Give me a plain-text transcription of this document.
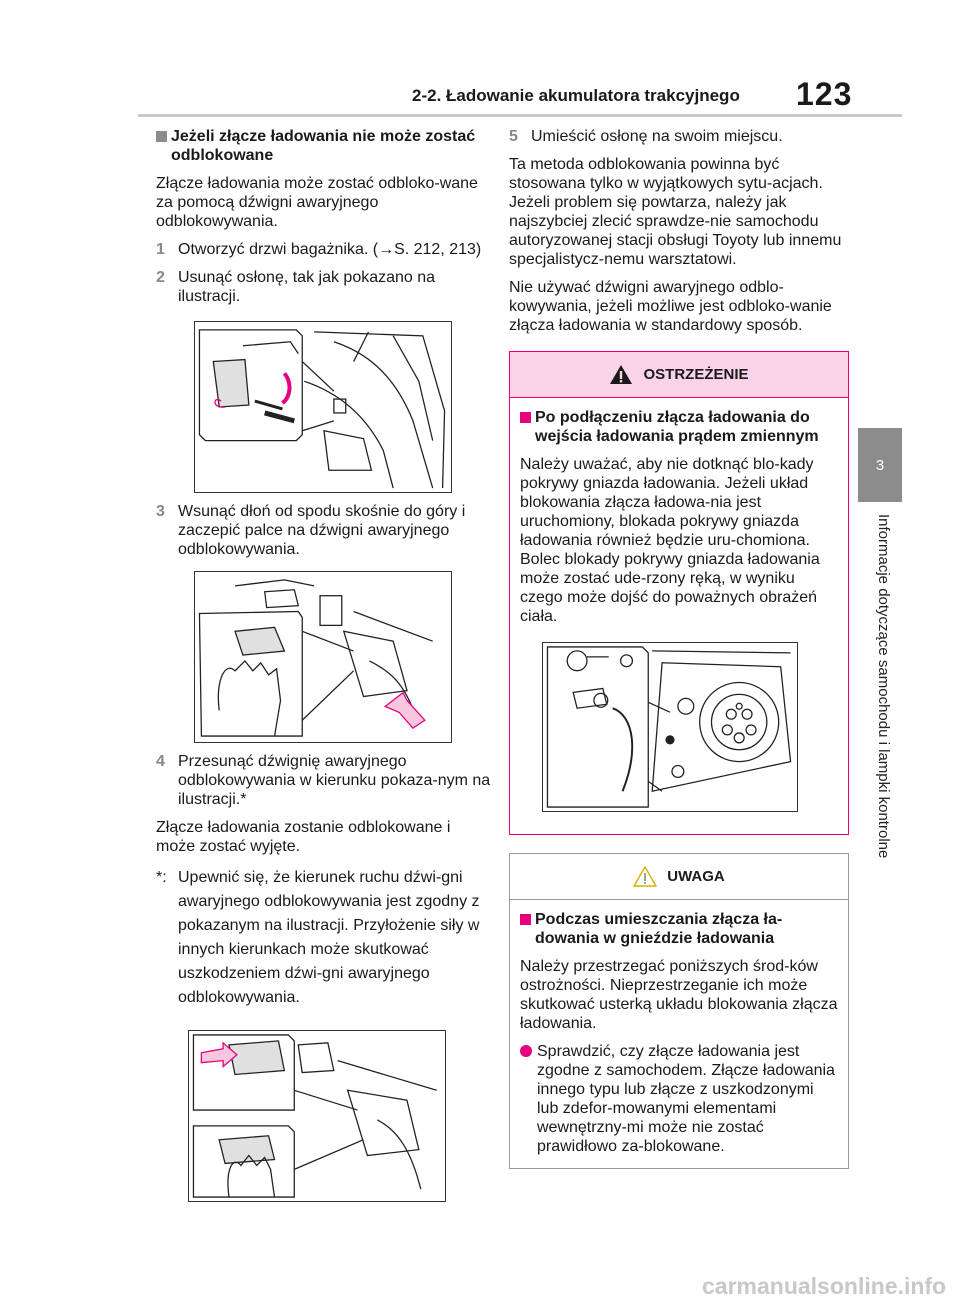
2-2. Ładowanie akumulatora trakcyjnego 123
3
Informacje dotyczące samochodu i lampki kontrolne
Jeżeli złącze ładowania nie może zostać odblokowane

Złącze ładowania może zostać odbloko-wane za pomocą dźwigni awaryjnego odblokowywania.

1 Otworzyć drzwi bagażnika. (→S. 212, 213)
2 Usunąć osłonę, tak jak pokazano na ilustracji.
3 Wsunąć dłoń od spodu skośnie do góry i zaczepić palce na dźwigni awaryjnego odblokowywania.
4 Przesunąć dźwignię awaryjnego odblokowywania w kierunku pokaza-nym na ilustracji.*

Złącze ładowania zostanie odblokowane i może zostać wyjęte.

*: Upewnić się, że kierunek ruchu dźwi-gni awaryjnego odblokowywania jest zgodny z pokazanym na ilustracji. Przyłożenie siły w innych kierunkach może skutkować uszkodzeniem dźwi-gni awaryjnego odblokowywania.
5 Umieścić osłonę na swoim miejscu.

Ta metoda odblokowania powinna być stosowana tylko w wyjątkowych sytu-acjach. Jeżeli problem się powtarza, należy jak najszybciej zlecić sprawdze-nie samochodu autoryzowanej stacji obsługi Toyoty lub innemu specjalistycz-nemu warsztatowi.

Nie używać dźwigni awaryjnego odblo-kowywania, jeżeli możliwe jest odbloko-wanie złącza ładowania w standardowy sposób.

OSTRZEŻENIE
Po podłączeniu złącza ładowania do wejścia ładowania prądem zmiennym

Należy uważać, aby nie dotknąć blo-kady pokrywy gniazda ładowania. Jeżeli układ blokowania złącza ładowa-nia jest uruchomiony, blokada pokrywy gniazda ładowania również będzie uru-chomiona. Bolec blokady pokrywy gniazda ładowania może zostać ude-rzony ręką, w wyniku czego może dojść do poważnych obrażeń ciała.

UWAGA
Podczas umieszczania złącza ła-dowania w gnieździe ładowania

Należy przestrzegać poniższych środ-ków ostrożności. Nieprzestrzeganie ich może skutkować usterką układu blokowania złącza ładowania.

Sprawdzić, czy złącze ładowania jest zgodne z samochodem. Złącze ładowania innego typu lub złącze z uszkodzonymi lub zdefor-mowanymi elementami wewnętrzny-mi może nie zostać prawidłowo za-blokowane.
carmanualsonline.info
